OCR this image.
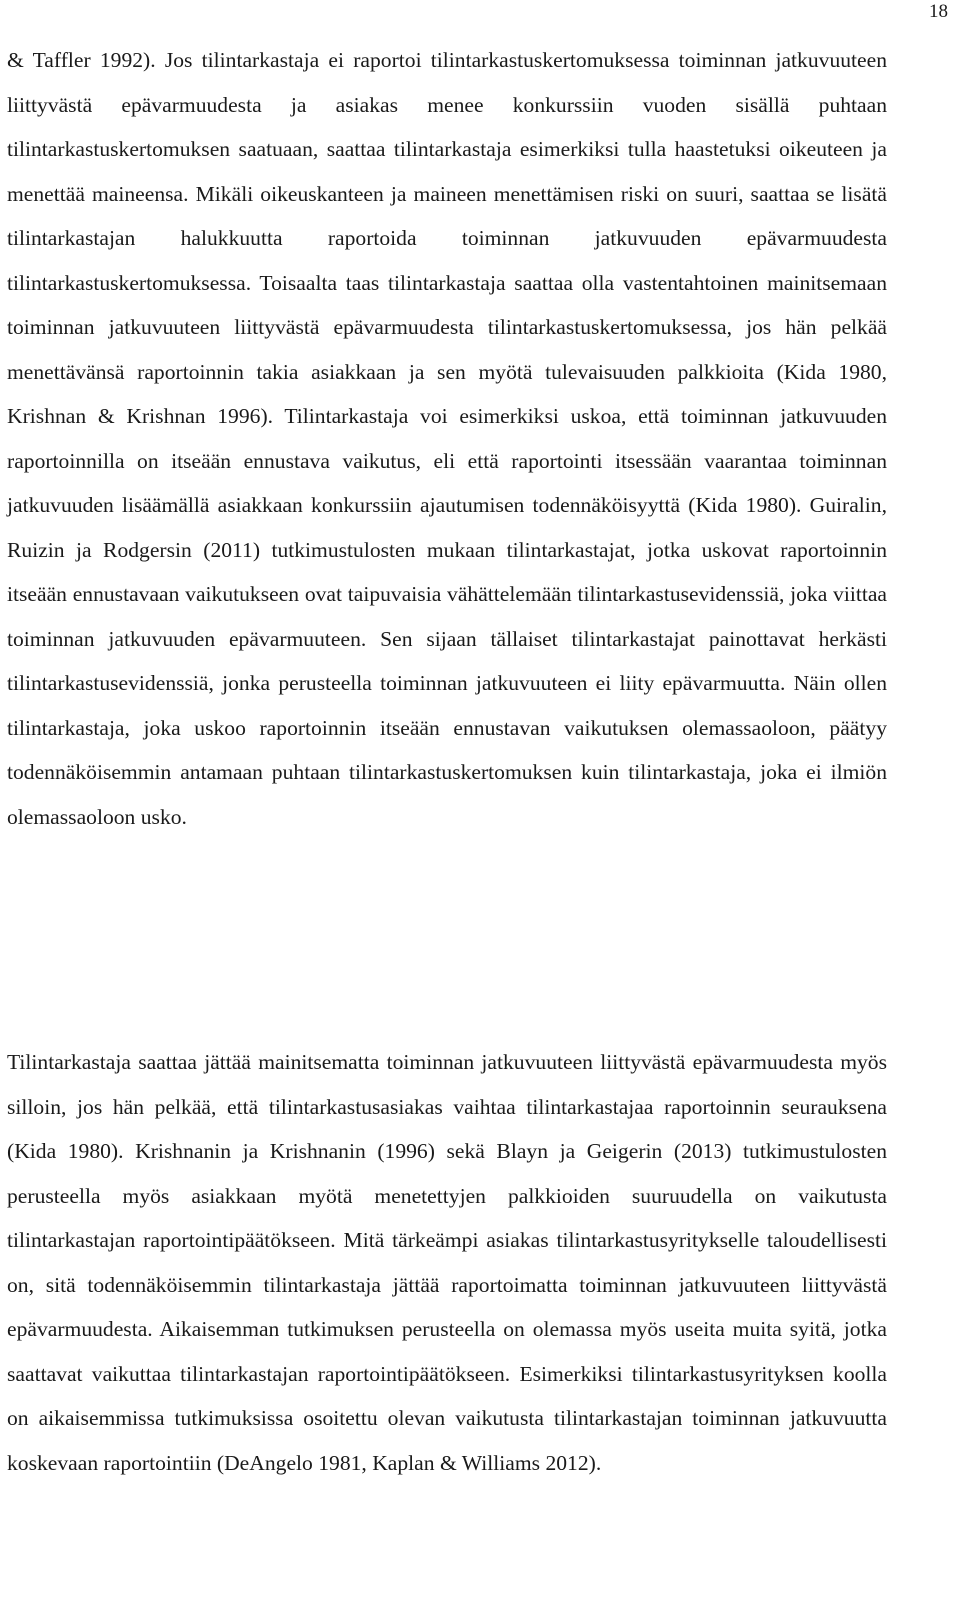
18

& Taffler 1992). Jos tilintarkastaja ei raportoi tilintarkastuskertomuksessa toiminnan jatkuvuuteen liittyvästä epävarmuudesta ja asiakas menee konkurssiin vuoden sisällä puhtaan tilintarkastuskertomuksen saatuaan, saattaa tilintarkastaja esimerkiksi tulla haastetuksi oikeuteen ja menettää maineensa. Mikäli oikeuskanteen ja maineen menettämisen riski on suuri, saattaa se lisätä tilintarkastajan halukkuutta raportoida toiminnan jatkuvuuden epävarmuudesta tilintarkastuskertomuksessa. Toisaalta taas tilintarkastaja saattaa olla vastentahtoinen mainitsemaan toiminnan jatkuvuuteen liittyvästä epävarmuudesta tilintarkastuskertomuksessa, jos hän pelkää menettävänsä raportoinnin takia asiakkaan ja sen myötä tulevaisuuden palkkioita (Kida 1980, Krishnan & Krishnan 1996). Tilintarkastaja voi esimerkiksi uskoa, että toiminnan jatkuvuuden raportoinnilla on itseään ennustava vaikutus, eli että raportointi itsessään vaarantaa toiminnan jatkuvuuden lisäämällä asiakkaan konkurssiin ajautumisen todennäköisyyttä (Kida 1980). Guiralin, Ruizin ja Rodgersin (2011) tutkimustulosten mukaan tilintarkastajat, jotka uskovat raportoinnin itseään ennustavaan vaikutukseen ovat taipuvaisia vähättelemään tilintarkastusevidenssiä, joka viittaa toiminnan jatkuvuuden epävarmuuteen. Sen sijaan tällaiset tilintarkastajat painottavat herkästi tilintarkastusevidenssiä, jonka perusteella toiminnan jatkuvuuteen ei liity epävarmuutta. Näin ollen tilintarkastaja, joka uskoo raportoinnin itseään ennustavan vaikutuksen olemassaoloon, päätyy todennäköisemmin antamaan puhtaan tilintarkastuskertomuksen kuin tilintarkastaja, joka ei ilmiön olemassaoloon usko.

Tilintarkastaja saattaa jättää mainitsematta toiminnan jatkuvuuteen liittyvästä epävarmuudesta myös silloin, jos hän pelkää, että tilintarkastusasiakas vaihtaa tilintarkastajaa raportoinnin seurauksena (Kida 1980). Krishnanin ja Krishnanin (1996) sekä Blayn ja Geigerin (2013) tutkimustulosten perusteella myös asiakkaan myötä menetettyjen palkkioiden suuruudella on vaikutusta tilintarkastajan raportointipäätökseen. Mitä tärkeämpi asiakas tilintarkastusyritykselle taloudellisesti on, sitä todennäköisemmin tilintarkastaja jättää raportoimatta toiminnan jatkuvuuteen liittyvästä epävarmuudesta. Aikaisemman tutkimuksen perusteella on olemassa myös useita muita syitä, jotka saattavat vaikuttaa tilintarkastajan raportointipäätökseen. Esimerkiksi tilintarkastusyrityksen koolla on aikaisemmissa tutkimuksissa osoitettu olevan vaikutusta tilintarkastajan toiminnan jatkuvuutta koskevaan raportointiin (DeAngelo 1981, Kaplan & Williams 2012).
